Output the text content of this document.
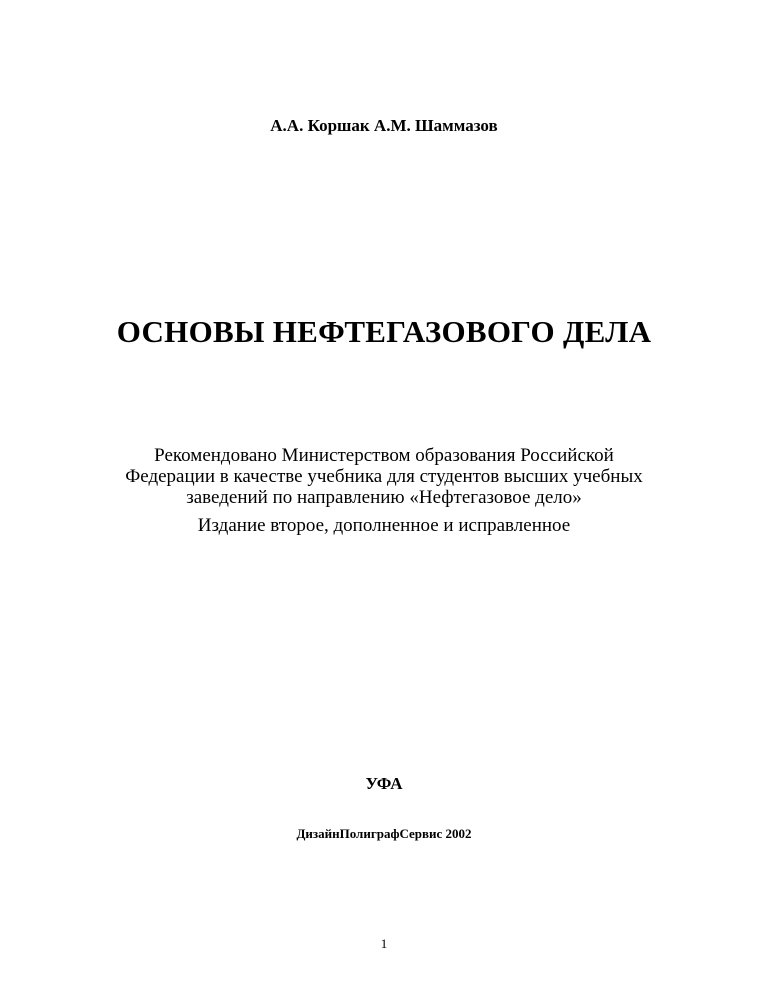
А.А. Коршак А.М. Шаммазов
ОСНОВЫ НЕФТЕГАЗОВОГО ДЕЛА
Рекомендовано Министерством образования Российской
Федерации в качестве учебника для студентов высших учебных
заведений по направлению «Нефтегазовое дело»
Издание второе, дополненное и исправленное
УФА
ДизайнПолиграфСервис 2002
1
